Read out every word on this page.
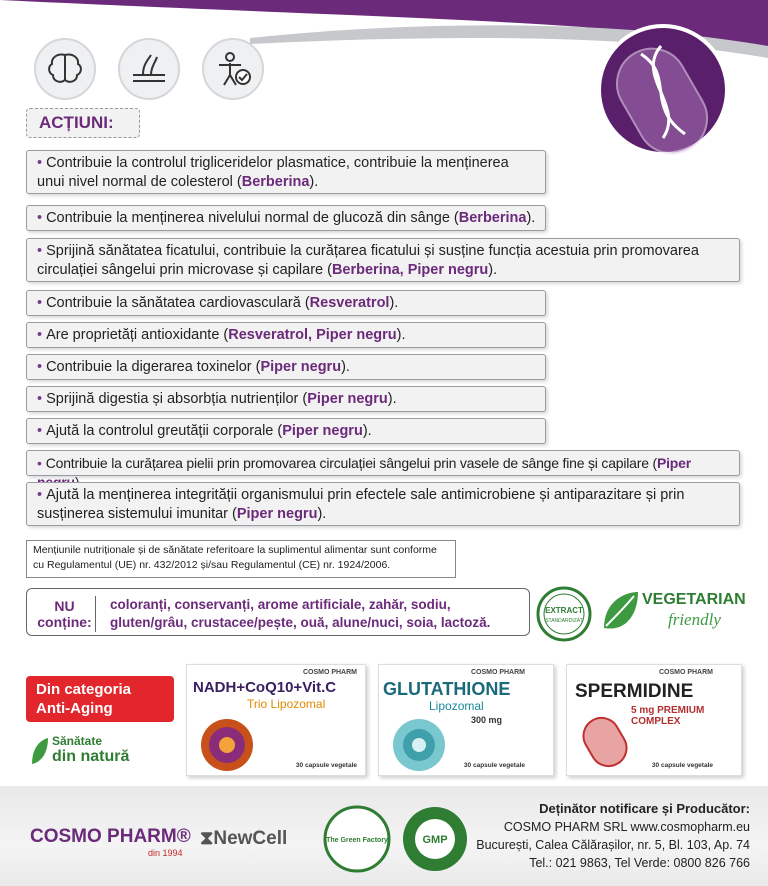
ACȚIUNI:
• Contribuie la controlul trigliceridelor plasmatice, contribuie la menținerea unui nivel normal de colesterol (Berberina).
• Contribuie la menținerea nivelului normal de glucoză din sânge (Berberina).
• Sprijină sănătatea ficatului, contribuie la curățarea ficatului și susține funcția acestuia prin promovarea circulației sângelui prin microvase și capilare (Berberina, Piper negru).
• Contribuie la sănătatea cardiovasculară (Resveratrol).
• Are proprietăți antioxidante (Resveratrol, Piper negru).
• Contribuie la digerarea toxinelor (Piper negru).
• Sprijină digestia și absorbția nutrienților (Piper negru).
• Ajută la controlul greutății corporale (Piper negru).
• Contribuie la curățarea pielii prin promovarea circulației sângelui prin vasele de sânge fine și capilare (Piper
• Ajută la menținerea integrității organismului prin efectele sale antimicrobiene și antiparazitare și prin susținerea sistemului imunitar (Piper negru).
Mențiunile nutriționale și de sănătate referitoare la suplimentul alimentar sunt conforme cu Regulamentul (UE) nr. 432/2012 și/sau Regulamentul (CE) nr. 1924/2006.
NU
conține:
coloranți, conservanți, arome artificiale, zahăr, sodiu, gluten/grâu, crustacee/pește, ouă, alune/nuci, soia, lactoză.
EXTRACT
STANDARDIZAT
VEGETARIAN
friendly
Din categoria
Anti-Aging
Sănătate
din natură
COSMO PHARM
NADH+CoQ10+Vit.C
Trio Lipozomal
30 capsule vegetale
COSMO PHARM
GLUTATHIONE
Lipozomal
300 mg
30 capsule vegetale
COSMO PHARM
SPERMIDINE
5 mg PREMIUM COMPLEX
30 capsule vegetale
COSMO PHARM®
din 1994
⧗NewCell	The Green Factory	GMP
Deținător notificare și Producător:
COSMO PHARM SRL www.cosmopharm.eu
București, Calea Călărașilor, nr. 5, Bl. 103, Ap. 74
Tel.: 021 9863, Tel Verde: 0800 826 766
